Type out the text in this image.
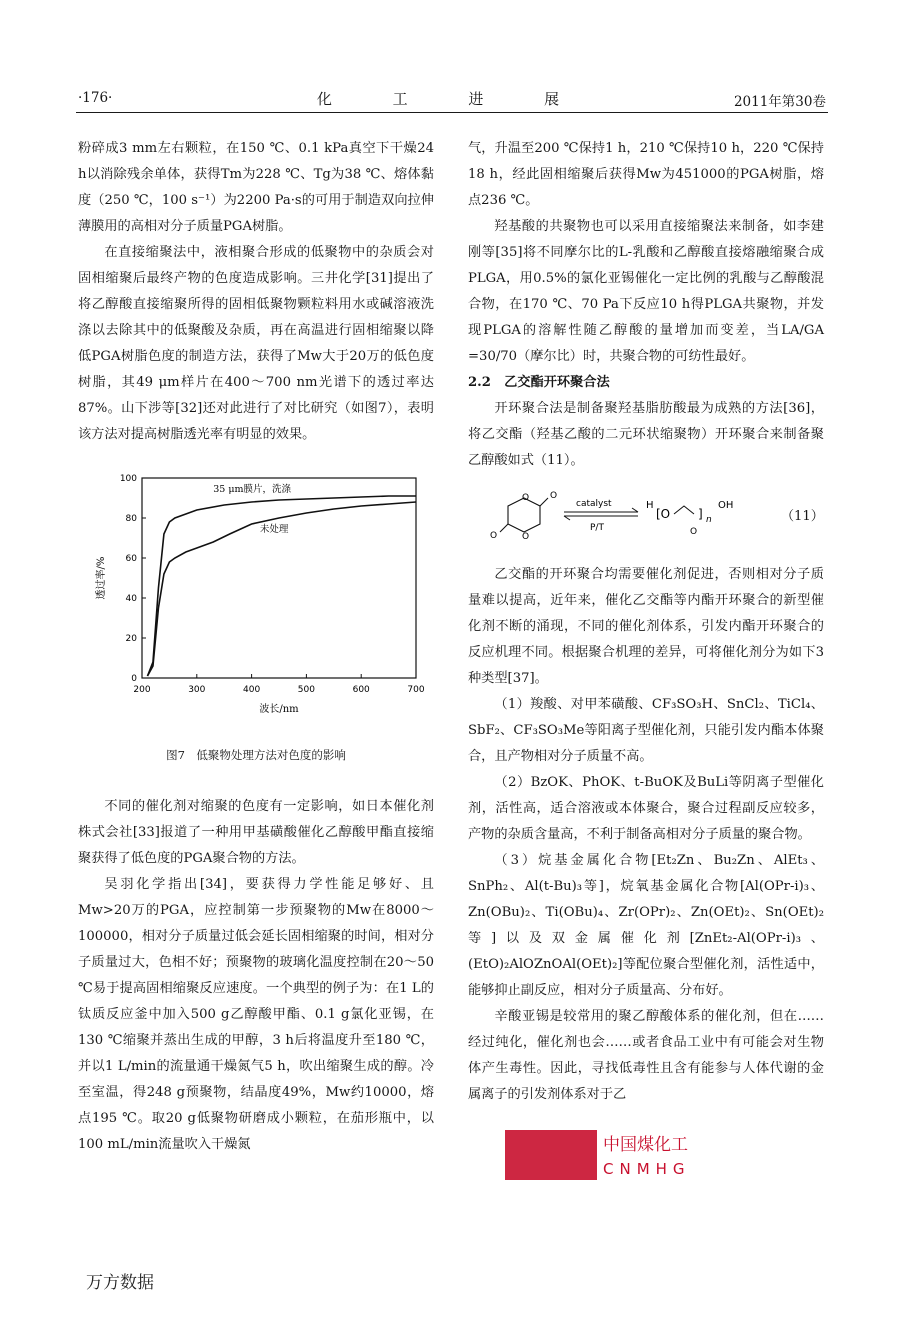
·176·	化 工 进 展	2011年第30卷

粉碎成3 mm左右颗粒，在150 ℃、0.1 kPa真空下干燥24 h以消除残余单体，获得Tm为228 ℃、Tg为38 ℃、熔体黏度（250 ℃，100 s⁻¹）为2200 Pa·s的可用于制造双向拉伸薄膜用的高相对分子质量PGA树脂。

在直接缩聚法中，液相聚合形成的低聚物中的杂质会对固相缩聚后最终产物的色度造成影响。三井化学[31]提出了将乙醇酸直接缩聚所得的固相低聚物颗粒料用水或碱溶液洗涤以去除其中的低聚酸及杂质，再在高温进行固相缩聚以降低PGA树脂色度的制造方法，获得了Mw大于20万的低色度树脂，其49 μm样片在400～700 nm光谱下的透过率达87%。山下涉等[32]还对此进行了对比研究（如图7），表明该方法对提高树脂透光率有明显的效果。

200	300	400	500	600	700
0
20
40
60
80
100
波长/nm
透过率/%
35 μm膜片，洗涤
未处理
图7　低聚物处理方法对色度的影响

不同的催化剂对缩聚的色度有一定影响，如日本催化剂株式会社[33]报道了一种用甲基磺酸催化乙醇酸甲酯直接缩聚获得了低色度的PGA聚合物的方法。

吴羽化学指出[34]，要获得力学性能足够好、且Mw>20万的PGA，应控制第一步预聚物的Mw在8000～100000，相对分子质量过低会延长固相缩聚的时间，相对分子质量过大，色相不好；预聚物的玻璃化温度控制在20～50 ℃易于提高固相缩聚反应速度。一个典型的例子为：在1 L的钛质反应釜中加入500 g乙醇酸甲酯、0.1 g氯化亚锡，在130 ℃缩聚并蒸出生成的甲醇，3 h后将温度升至180 ℃，并以1 L/min的流量通干燥氮气5 h，吹出缩聚生成的醇。冷至室温，得248 g预聚物，结晶度49%，Mw约10000，熔点195 ℃。取20 g低聚物研磨成小颗粒，在茄形瓶中，以100 mL/min流量吹入干燥氮

气，升温至200 ℃保持1 h，210 ℃保持10 h，220 ℃保持18 h，经此固相缩聚后获得Mw为451000的PGA树脂，熔点236 ℃。

羟基酸的共聚物也可以采用直接缩聚法来制备，如李建刚等[35]将不同摩尔比的L-乳酸和乙醇酸直接熔融缩聚合成PLGA，用0.5%的氯化亚锡催化一定比例的乳酸与乙醇酸混合物，在170 ℃、70 Pa下反应10 h得PLGA共聚物，并发现PLGA的溶解性随乙醇酸的量增加而变差，当LA/GA =30/70（摩尔比）时，共聚合物的可纺性最好。

2.2　乙交酯开环聚合法

开环聚合法是制备聚羟基脂肪酸最为成熟的方法[36]，将乙交酯（羟基乙酸的二元环状缩聚物）开环聚合来制备聚乙醇酸如式（11）。

O
O
O
O
catalyst
P/T
H
[O ] n
OH
O
（11）

乙交酯的开环聚合均需要催化剂促进，否则相对分子质量难以提高，近年来，催化乙交酯等内酯开环聚合的新型催化剂不断的涌现，不同的催化剂体系，引发内酯开环聚合的反应机理不同。根据聚合机理的差异，可将催化剂分为如下3种类型[37]。

（1）羧酸、对甲苯磺酸、CF₃SO₃H、SnCl₂、TiCl₄、SbF₂、CF₃SO₃Me等阳离子型催化剂，只能引发内酯本体聚合，且产物相对分子质量不高。

（2）BzOK、PhOK、t-BuOK及BuLi等阴离子型催化剂，活性高，适合溶液或本体聚合，聚合过程副反应较多，产物的杂质含量高，不利于制备高相对分子质量的聚合物。

（3）烷基金属化合物[Et₂Zn、Bu₂Zn、AlEt₃、SnPh₂、Al(t-Bu)₃等]，烷氧基金属化合物[Al(OPr-i)₃、Zn(OBu)₂、Ti(OBu)₄、Zr(OPr)₂、Zn(OEt)₂、Sn(OEt)₂等]以及双金属催化剂[ZnEt₂-Al(OPr-i)₃、(EtO)₂AlOZnOAl(OEt)₂]等配位聚合型催化剂，活性适中，能够抑止副反应，相对分子质量高、分布好。

辛酸亚锡是较常用的聚乙醇酸体系的催化剂，但在……经过纯化，催化剂也会……或者食品工业中有可能会对生物体产生毒性。因此，寻找低毒性且含有能参与人体代谢的金属离子的引发剂体系对于乙

中国煤化工
CNMHG
万方数据
